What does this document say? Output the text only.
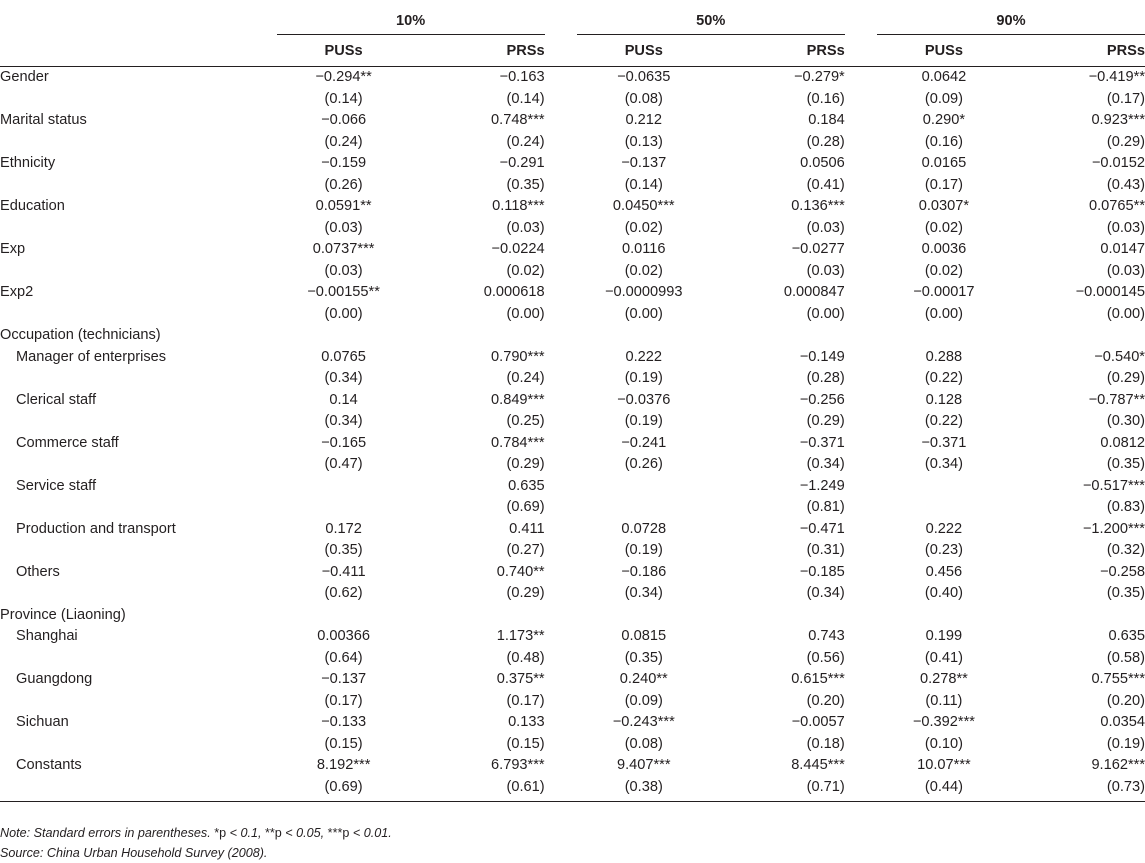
	10%			50%			90%	
	PUSs	PRSs		PUSs	PRSs		PUSs	PRSs
Gender	−0.294**	−0.163		−0.0635	−0.279*		0.0642	−0.419**
	(0.14)	(0.14)		(0.08)	(0.16)		(0.09)	(0.17)
Marital status	−0.066	0.748***		0.212	0.184		0.290*	0.923***
	(0.24)	(0.24)		(0.13)	(0.28)		(0.16)	(0.29)
Ethnicity	−0.159	−0.291		−0.137	0.0506		0.0165	−0.0152
	(0.26)	(0.35)		(0.14)	(0.41)		(0.17)	(0.43)
Education	0.0591**	0.118***		0.0450***	0.136***		0.0307*	0.0765**
	(0.03)	(0.03)		(0.02)	(0.03)		(0.02)	(0.03)
Exp	0.0737***	−0.0224		0.0116	−0.0277		0.0036	0.0147
	(0.03)	(0.02)		(0.02)	(0.03)		(0.02)	(0.03)
Exp2	−0.00155**	0.000618		−0.0000993	0.000847		−0.00017	−0.000145
	(0.00)	(0.00)		(0.00)	(0.00)		(0.00)	(0.00)
Occupation (technicians)								
Manager of enterprises	0.0765	0.790***		0.222	−0.149		0.288	−0.540*
	(0.34)	(0.24)		(0.19)	(0.28)		(0.22)	(0.29)
Clerical staff	0.14	0.849***		−0.0376	−0.256		0.128	−0.787**
	(0.34)	(0.25)		(0.19)	(0.29)		(0.22)	(0.30)
Commerce staff	−0.165	0.784***		−0.241	−0.371		−0.371	0.0812
	(0.47)	(0.29)		(0.26)	(0.34)		(0.34)	(0.35)
Service staff		0.635			−1.249			−0.517***
		(0.69)			(0.81)			(0.83)
Production and transport	0.172	0.411		0.0728	−0.471		0.222	−1.200***
	(0.35)	(0.27)		(0.19)	(0.31)		(0.23)	(0.32)
Others	−0.411	0.740**		−0.186	−0.185		0.456	−0.258
	(0.62)	(0.29)		(0.34)	(0.34)		(0.40)	(0.35)
Province (Liaoning)								
Shanghai	0.00366	1.173**		0.0815	0.743		0.199	0.635
	(0.64)	(0.48)		(0.35)	(0.56)		(0.41)	(0.58)
Guangdong	−0.137	0.375**		0.240**	0.615***		0.278**	0.755***
	(0.17)	(0.17)		(0.09)	(0.20)		(0.11)	(0.20)
Sichuan	−0.133	0.133		−0.243***	−0.0057		−0.392***	0.0354
	(0.15)	(0.15)		(0.08)	(0.18)		(0.10)	(0.19)
Constants	8.192***	6.793***		9.407***	8.445***		10.07***	9.162***
	(0.69)	(0.61)		(0.38)	(0.71)		(0.44)	(0.73)
Note: Standard errors in parentheses. *p < 0.1, **p < 0.05, ***p < 0.01.
Source: China Urban Household Survey (2008).
